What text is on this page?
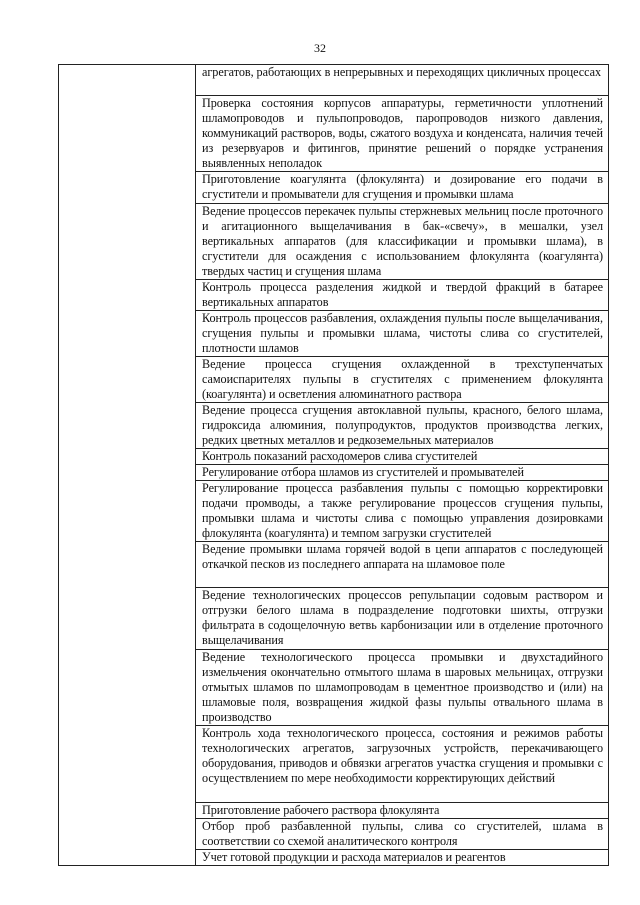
32

агрегатов, работающих в непрерывных и переходящих цикличных процессах

Проверка состояния корпусов аппаратуры, герметичности уплотнений шламопроводов и пульпопроводов, паропроводов низкого давления, коммуникаций растворов, воды, сжатого воздуха и конденсата, наличия течей из резервуаров и фитингов, принятие решений о порядке устранения выявленных неполадок

Приготовление коагулянта (флокулянта) и дозирование его подачи в сгустители и промыватели для сгущения и промывки шлама

Ведение процессов перекачек пульпы стержневых мельниц после проточного и агитационного выщелачивания в бак-«свечу», в мешалки, узел вертикальных аппаратов (для классификации и промывки шлама), в сгустители для осаждения с использованием флокулянта (коагулянта) твердых частиц и сгущения шлама

Контроль процесса разделения жидкой и твердой фракций в батарее вертикальных аппаратов

Контроль процессов разбавления, охлаждения пульпы после выщелачивания, сгущения пульпы и промывки шлама, чистоты слива со сгустителей, плотности шламов

Ведение процесса сгущения охлажденной в трехступенчатых самоиспарителях пульпы в сгустителях с применением флокулянта (коагулянта) и осветления алюминатного раствора

Ведение процесса сгущения автоклавной пульпы, красного, белого шлама, гидроксида алюминия, полупродуктов, продуктов производства легких, редких цветных металлов и редкоземельных материалов

Контроль показаний расходомеров слива сгустителей

Регулирование отбора шламов из сгустителей и промывателей

Регулирование процесса разбавления пульпы с помощью корректировки подачи промводы, а также регулирование процессов сгущения пульпы, промывки шлама и чистоты слива с помощью управления дозировками флокулянта (коагулянта) и темпом загрузки сгустителей

Ведение промывки шлама горячей водой в цепи аппаратов с последующей откачкой песков из последнего аппарата на шламовое поле

Ведение технологических процессов репульпации содовым раствором и отгрузки белого шлама в подразделение подготовки шихты, отгрузки фильтрата в содощелочную ветвь карбонизации или в отделение проточного выщелачивания

Ведение технологического процесса промывки и двухстадийного измельчения окончательно отмытого шлама в шаровых мельницах, отгрузки отмытых шламов по шламопроводам в цементное производство и (или) на шламовые поля, возвращения жидкой фазы пульпы отвального шлама в производство

Контроль хода технологического процесса, состояния и режимов работы технологических агрегатов, загрузочных устройств, перекачивающего оборудования, приводов и обвязки агрегатов участка сгущения и промывки с осуществлением по мере необходимости корректирующих действий

Приготовление рабочего раствора флокулянта

Отбор проб разбавленной пульпы, слива со сгустителей, шлама в соответствии со схемой аналитического контроля

Учет готовой продукции и расхода материалов и реагентов
